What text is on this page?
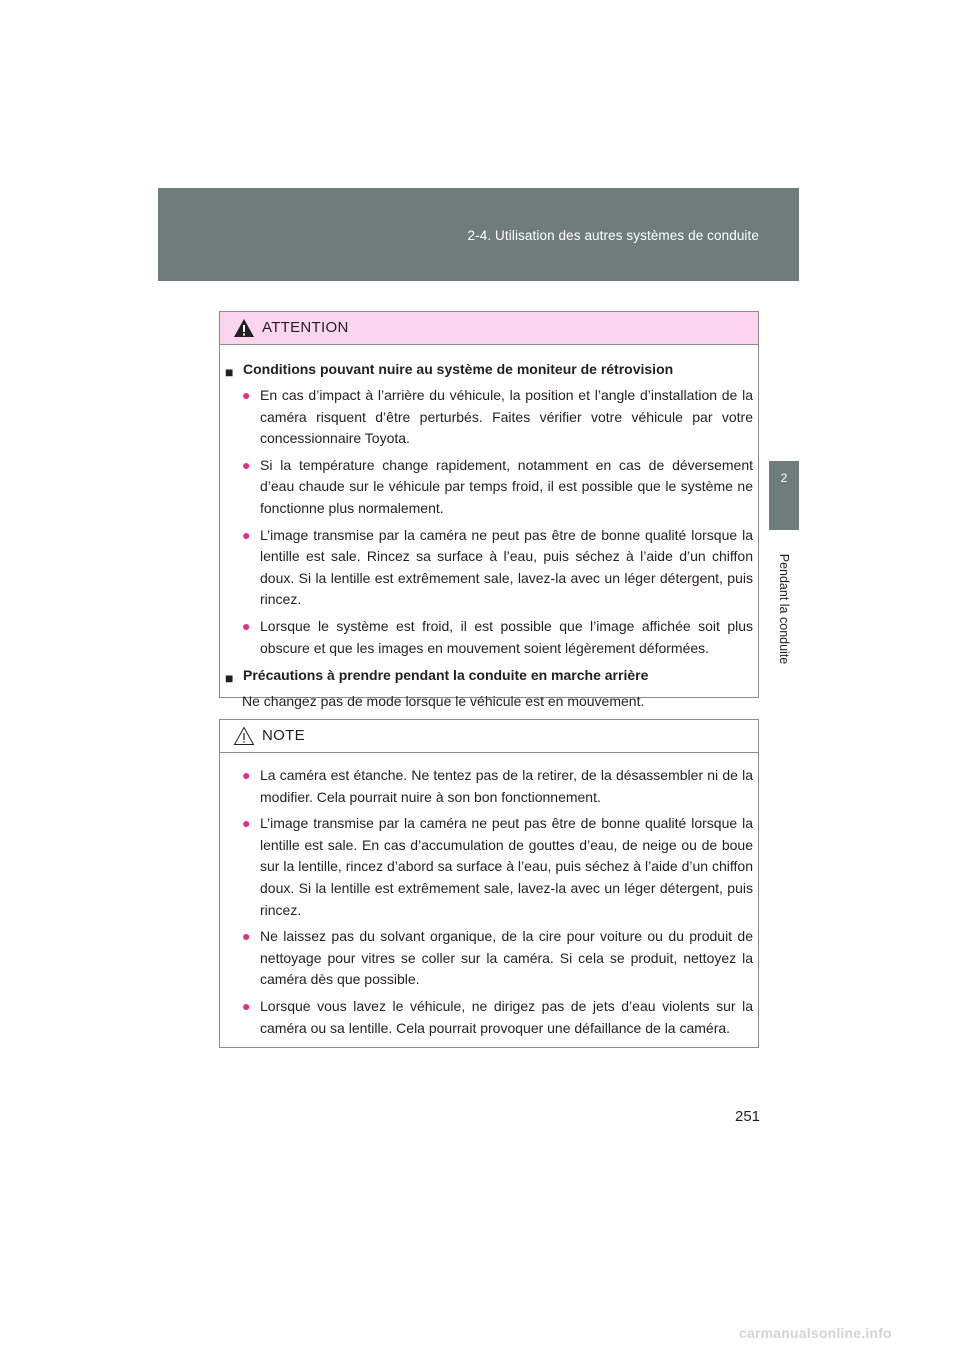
2-4. Utilisation des autres systèmes de conduite
2
Pendant la conduite
ATTENTION
■ Conditions pouvant nuire au système de moniteur de rétrovision
● En cas d’impact à l’arrière du véhicule, la position et l’angle d’installation de la caméra risquent d’être perturbés. Faites vérifier votre véhicule par votre concessionnaire Toyota.
● Si la température change rapidement, notamment en cas de déversement d’eau chaude sur le véhicule par temps froid, il est possible que le système ne fonctionne plus normalement.
● L’image transmise par la caméra ne peut pas être de bonne qualité lorsque la lentille est sale. Rincez sa surface à l’eau, puis séchez à l’aide d’un chiffon doux. Si la lentille est extrêmement sale, lavez-la avec un léger détergent, puis rincez.
● Lorsque le système est froid, il est possible que l’image affichée soit plus obscure et que les images en mouvement soient légèrement déformées.
■ Précautions à prendre pendant la conduite en marche arrière
Ne changez pas de mode lorsque le véhicule est en mouvement.
NOTE
● La caméra est étanche. Ne tentez pas de la retirer, de la désassembler ni de la modifier. Cela pourrait nuire à son bon fonctionnement.
● L’image transmise par la caméra ne peut pas être de bonne qualité lorsque la lentille est sale. En cas d’accumulation de gouttes d’eau, de neige ou de boue sur la lentille, rincez d’abord sa surface à l’eau, puis séchez à l’aide d’un chiffon doux. Si la lentille est extrêmement sale, lavez-la avec un léger détergent, puis rincez.
● Ne laissez pas du solvant organique, de la cire pour voiture ou du produit de nettoyage pour vitres se coller sur la caméra. Si cela se produit, nettoyez la caméra dès que possible.
● Lorsque vous lavez le véhicule, ne dirigez pas de jets d’eau violents sur la caméra ou sa lentille. Cela pourrait provoquer une défaillance de la caméra.
251
carmanualsonline.info
